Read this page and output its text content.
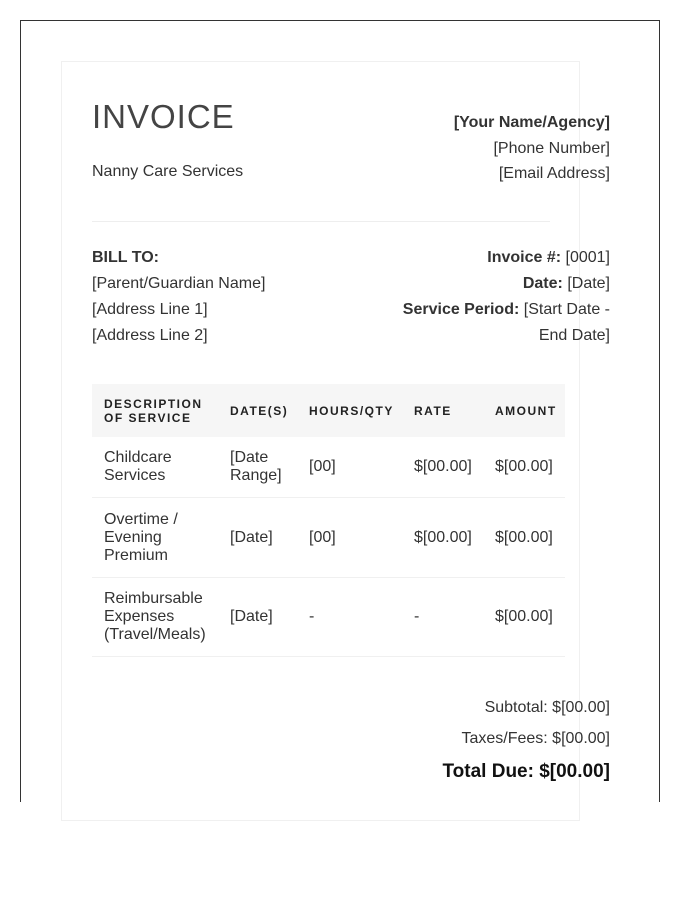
INVOICE
Nanny Care Services
[Your Name/Agency]
[Phone Number]
[Email Address]
BILL TO:
[Parent/Guardian Name]
[Address Line 1]
[Address Line 2]
Invoice #: [0001]
Date: [Date]
Service Period: [Start Date - End Date]
DESCRIPTION OF SERVICE	DATE(S)	HOURS/QTY	RATE	AMOUNT
Childcare Services	[Date Range]	[00]	$[00.00]	$[00.00]
Overtime / Evening Premium	[Date]	[00]	$[00.00]	$[00.00]
Reimbursable Expenses (Travel/Meals)	[Date]	-	-	$[00.00]
Subtotal: $[00.00]
Taxes/Fees: $[00.00]
Total Due: $[00.00]
